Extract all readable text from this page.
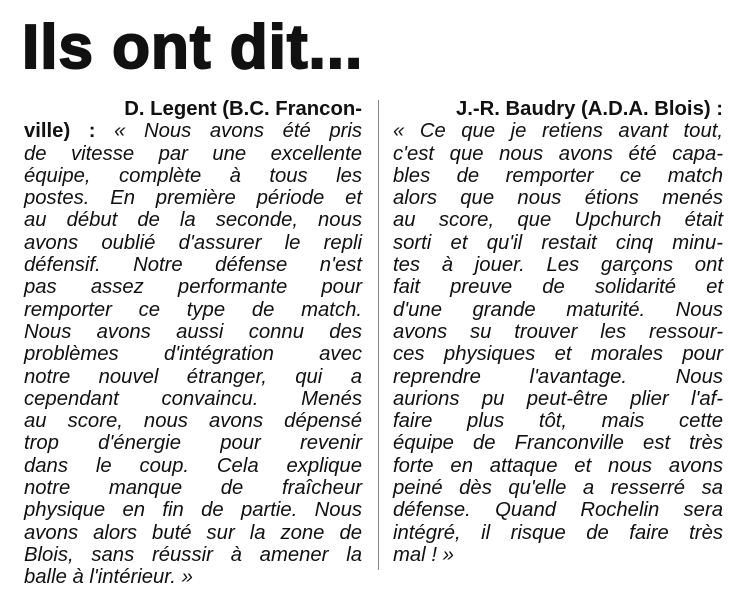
Ils ont dit...
D. Legent (B.C. Francon-
ville) : « Nous avons été pris
de vitesse par une excellente
équipe, complète à tous les
postes. En première période et
au début de la seconde, nous
avons oublié d'assurer le repli
défensif. Notre défense n'est
pas assez performante pour
remporter ce type de match.
Nous avons aussi connu des
problèmes d'intégration avec
notre nouvel étranger, qui a
cependant convaincu. Menés
au score, nous avons dépensé
trop d'énergie pour revenir
dans le coup. Cela explique
notre manque de fraîcheur
physique en fin de partie. Nous
avons alors buté sur la zone de
Blois, sans réussir à amener la
balle à l'intérieur. »
J.-R. Baudry (A.D.A. Blois) :
« Ce que je retiens avant tout,
c'est que nous avons été capa-
bles de remporter ce match
alors que nous étions menés
au score, que Upchurch était
sorti et qu'il restait cinq minu-
tes à jouer. Les garçons ont
fait preuve de solidarité et
d'une grande maturité. Nous
avons su trouver les ressour-
ces physiques et morales pour
reprendre l'avantage. Nous
aurions pu peut-être plier l'af-
faire plus tôt, mais cette
équipe de Franconville est très
forte en attaque et nous avons
peiné dès qu'elle a resserré sa
défense. Quand Rochelin sera
intégré, il risque de faire très
mal ! »
